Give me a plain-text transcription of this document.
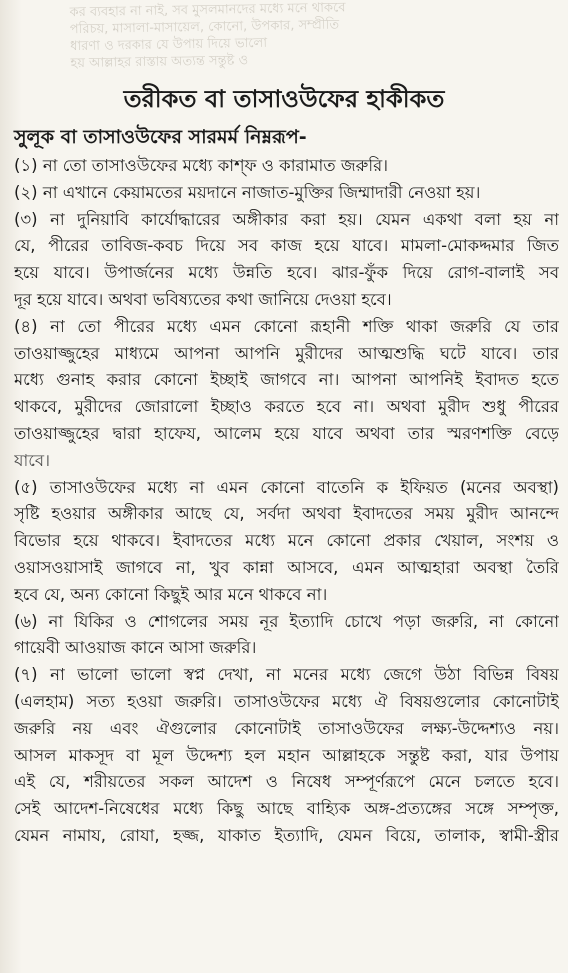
কর ব্যবহার না নাই, সব মুসলমানদের মধ্যে মনে থাকবে
পরিচয়, মাসালা-মাসায়েল, কোনো, উপকার, সম্প্রীতি
ধারণা ও দরকার যে উপায় দিয়ে ভালো
হয় আল্লাহর রাস্তায় অত্যন্ত সন্তুষ্ট ও
তরীকত বা তাসাওউফের হাকীকত
সুলূক বা তাসাওউফের সারমর্ম নিম্নরূপ-
(১) না তো তাসাওউফের মধ্যে কাশ্ফ ও কারামাত জরুরি।
(২) না এখানে কেয়ামতের ময়দানে নাজাত-মুক্তির জিম্মাদারী নেওয়া হয়।
(৩) না দুনিয়াবি কার্যোদ্ধারের অঙ্গীকার করা হয়। যেমন একথা বলা হয় না
যে, পীরের তাবিজ-কবচ দিয়ে সব কাজ হয়ে যাবে। মামলা-মোকদ্দমার জিত
হয়ে যাবে। উপার্জনের মধ্যে উন্নতি হবে। ঝার-ফুঁক দিয়ে রোগ-বালাই সব
দূর হয়ে যাবে। অথবা ভবিষ্যতের কথা জানিয়ে দেওয়া হবে।
(৪) না তো পীরের মধ্যে এমন কোনো রূহানী শক্তি থাকা জরুরি যে তার
তাওয়াজ্জুহের মাধ্যমে আপনা আপনি মুরীদের আত্মশুদ্ধি ঘটে যাবে। তার
মধ্যে গুনাহ করার কোনো ইচ্ছাই জাগবে না। আপনা আপনিই ইবাদত হতে
থাকবে, মুরীদের জোরালো ইচ্ছাও করতে হবে না। অথবা মুরীদ শুধু পীরের
তাওয়াজ্জুহের দ্বারা হাফেয, আলেম হয়ে যাবে অথবা তার স্মরণশক্তি বেড়ে
যাবে।
(৫) তাসাওউফের মধ্যে না এমন কোনো বাতেনি ক ইফিয়ত (মনের অবস্থা)
সৃষ্টি হওয়ার অঙ্গীকার আছে যে, সর্বদা অথবা ইবাদতের সময় মুরীদ আনন্দে
বিভোর হয়ে থাকবে। ইবাদতের মধ্যে মনে কোনো প্রকার খেয়াল, সংশয় ও
ওয়াসওয়াসাই জাগবে না, খুব কান্না আসবে, এমন আত্মহারা অবস্থা তৈরি
হবে যে, অন্য কোনো কিছুই আর মনে থাকবে না।
(৬) না যিকির ও শোগলের সময় নূর ইত্যাদি চোখে পড়া জরুরি, না কোনো
গায়েবী আওয়াজ কানে আসা জরুরি।
(৭) না ভালো ভালো স্বপ্ন দেখা, না মনের মধ্যে জেগে উঠা বিভিন্ন বিষয়
(এলহাম) সত্য হওয়া জরুরি। তাসাওউফের মধ্যে ঐ বিষয়গুলোর কোনোটাই
জরুরি নয় এবং ঐগুলোর কোনোটাই তাসাওউফের লক্ষ্য-উদ্দেশ্যও নয়।
আসল মাকসূদ বা মূল উদ্দেশ্য হল মহান আল্লাহকে সন্তুষ্ট করা, যার উপায়
এই যে, শরীয়তের সকল আদেশ ও নিষেধ সম্পূর্ণরূপে মেনে চলতে হবে।
সেই আদেশ-নিষেধের মধ্যে কিছু আছে বাহ্যিক অঙ্গ-প্রত্যঙ্গের সঙ্গে সম্পৃক্ত,
যেমন নামায, রোযা, হজ্জ, যাকাত ইত্যাদি, যেমন বিয়ে, তালাক, স্বামী-স্ত্রীর
